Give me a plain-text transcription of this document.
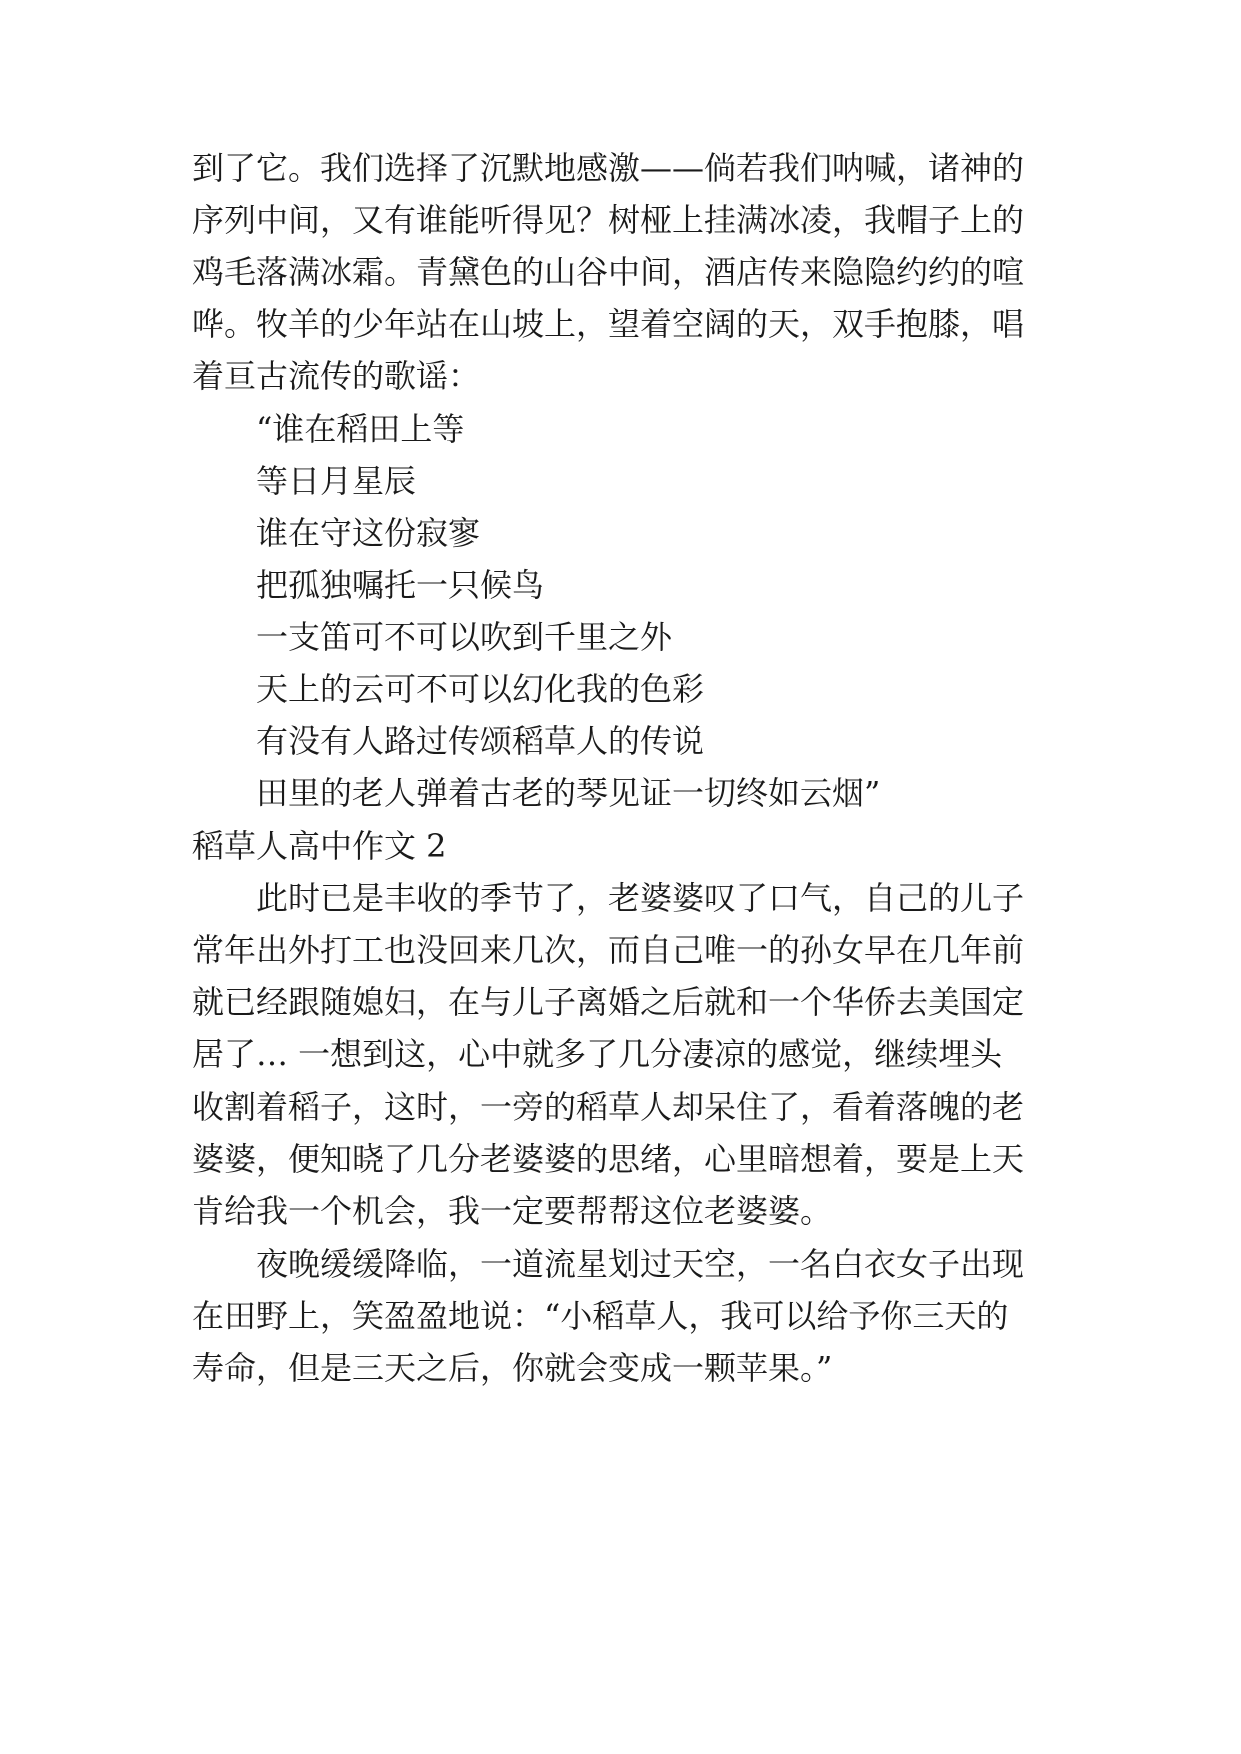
到了它。我们选择了沉默地感激——倘若我们呐喊，诸神的
序列中间，又有谁能听得见？树桠上挂满冰凌，我帽子上的
鸡毛落满冰霜。青黛色的山谷中间，酒店传来隐隐约约的喧
哗。牧羊的少年站在山坡上，望着空阔的天，双手抱膝，唱
着亘古流传的歌谣：
“谁在稻田上等
等日月星辰
谁在守这份寂寥
把孤独嘱托一只候鸟
一支笛可不可以吹到千里之外
天上的云可不可以幻化我的色彩
有没有人路过传颂稻草人的传说
田里的老人弹着古老的琴见证一切终如云烟”
稻草人高中作文 2
此时已是丰收的季节了，老婆婆叹了口气，自己的儿子
常年出外打工也没回来几次，而自己唯一的孙女早在几年前
就已经跟随媳妇，在与儿子离婚之后就和一个华侨去美国定
居了… 一想到这，心中就多了几分凄凉的感觉，继续埋头
收割着稻子，这时，一旁的稻草人却呆住了，看着落魄的老
婆婆，便知晓了几分老婆婆的思绪，心里暗想着，要是上天
肯给我一个机会，我一定要帮帮这位老婆婆。
夜晚缓缓降临，一道流星划过天空，一名白衣女子出现
在田野上，笑盈盈地说：“小稻草人，我可以给予你三天的
寿命，但是三天之后，你就会变成一颗苹果。”
